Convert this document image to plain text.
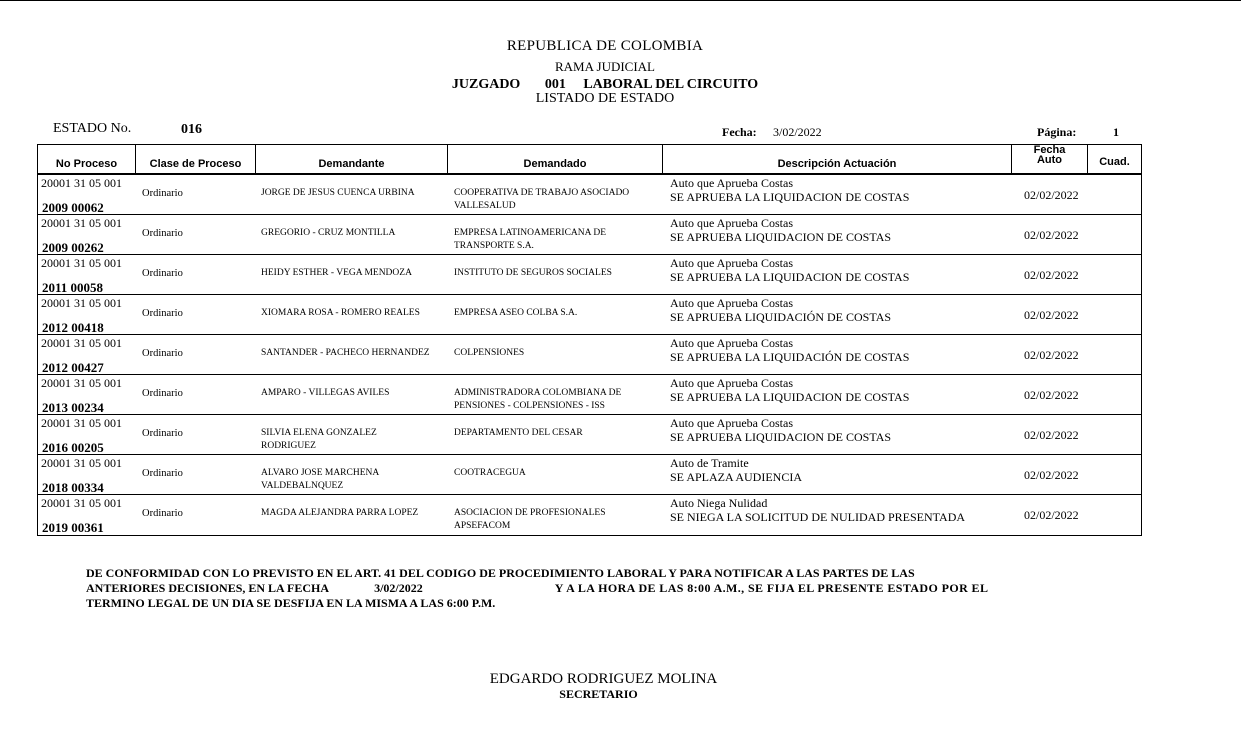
REPUBLICA DE COLOMBIA
RAMA JUDICIAL
JUZGADO 001 LABORAL DEL CIRCUITO
LISTADO DE ESTADO
ESTADO No.	016	Fecha: 3/02/2022	Página:	1
No Proceso	Clase de Proceso	Demandante	Demandado	Descripción Actuación
Fecha
Auto	Cuad.
20001 31 05 001
2009 00062
Ordinario	JORGE DE JESUS CUENCA URBINA	COOPERATIVA DE TRABAJO ASOCIADO VALLESALUD
Auto que Aprueba Costas
SE APRUEBA LA LIQUIDACION DE COSTAS	02/02/2022
20001 31 05 001
2009 00262
Ordinario	GREGORIO - CRUZ MONTILLA	EMPRESA LATINOAMERICANA DE TRANSPORTE S.A.
Auto que Aprueba Costas
SE APRUEBA LIQUIDACION DE COSTAS	02/02/2022
20001 31 05 001
2011 00058
Ordinario	HEIDY ESTHER - VEGA MENDOZA	INSTITUTO DE SEGUROS SOCIALES
Auto que Aprueba Costas
SE APRUEBA LA LIQUIDACION DE COSTAS	02/02/2022
20001 31 05 001
2012 00418
Ordinario	XIOMARA ROSA - ROMERO REALES	EMPRESA ASEO COLBA S.A.
Auto que Aprueba Costas
SE APRUEBA LIQUIDACIÓN DE COSTAS	02/02/2022
20001 31 05 001
2012 00427
Ordinario	SANTANDER - PACHECO HERNANDEZ	COLPENSIONES
Auto que Aprueba Costas
SE APRUEBA LA LIQUIDACIÓN DE COSTAS	02/02/2022
20001 31 05 001
2013 00234
Ordinario	AMPARO - VILLEGAS AVILES	ADMINISTRADORA COLOMBIANA DE PENSIONES - COLPENSIONES - ISS
Auto que Aprueba Costas
SE APRUEBA LA LIQUIDACION DE COSTAS	02/02/2022
20001 31 05 001
2016 00205
Ordinario	SILVIA ELENA GONZALEZ RODRIGUEZ
DEPARTAMENTO DEL CESAR
Auto que Aprueba Costas
SE APRUEBA LIQUIDACION DE COSTAS	02/02/2022
20001 31 05 001
2018 00334
Ordinario	ALVARO JOSE MARCHENA VALDEBALNQUEZ
COOTRACEGUA
Auto de Tramite
SE APLAZA AUDIENCIA	02/02/2022
20001 31 05 001
2019 00361
Ordinario	MAGDA ALEJANDRA PARRA LOPEZ	ASOCIACION DE PROFESIONALES APSEFACOM
Auto Niega Nulidad
SE NIEGA LA SOLICITUD DE NULIDAD PRESENTADA	02/02/2022
DE CONFORMIDAD CON LO PREVISTO EN EL ART. 41 DEL CODIGO DE PROCEDIMIENTO LABORAL Y PARA NOTIFICAR A LAS PARTES DE LAS
ANTERIORES DECISIONES, EN LA FECHA	3/02/2022	Y A LA HORA DE LAS 8:00 A.M., SE FIJA EL PRESENTE ESTADO POR EL
TERMINO LEGAL DE UN DIA SE DESFIJA EN LA MISMA A LAS 6:00 P.M.
EDGARDO RODRIGUEZ MOLINA
SECRETARIO
